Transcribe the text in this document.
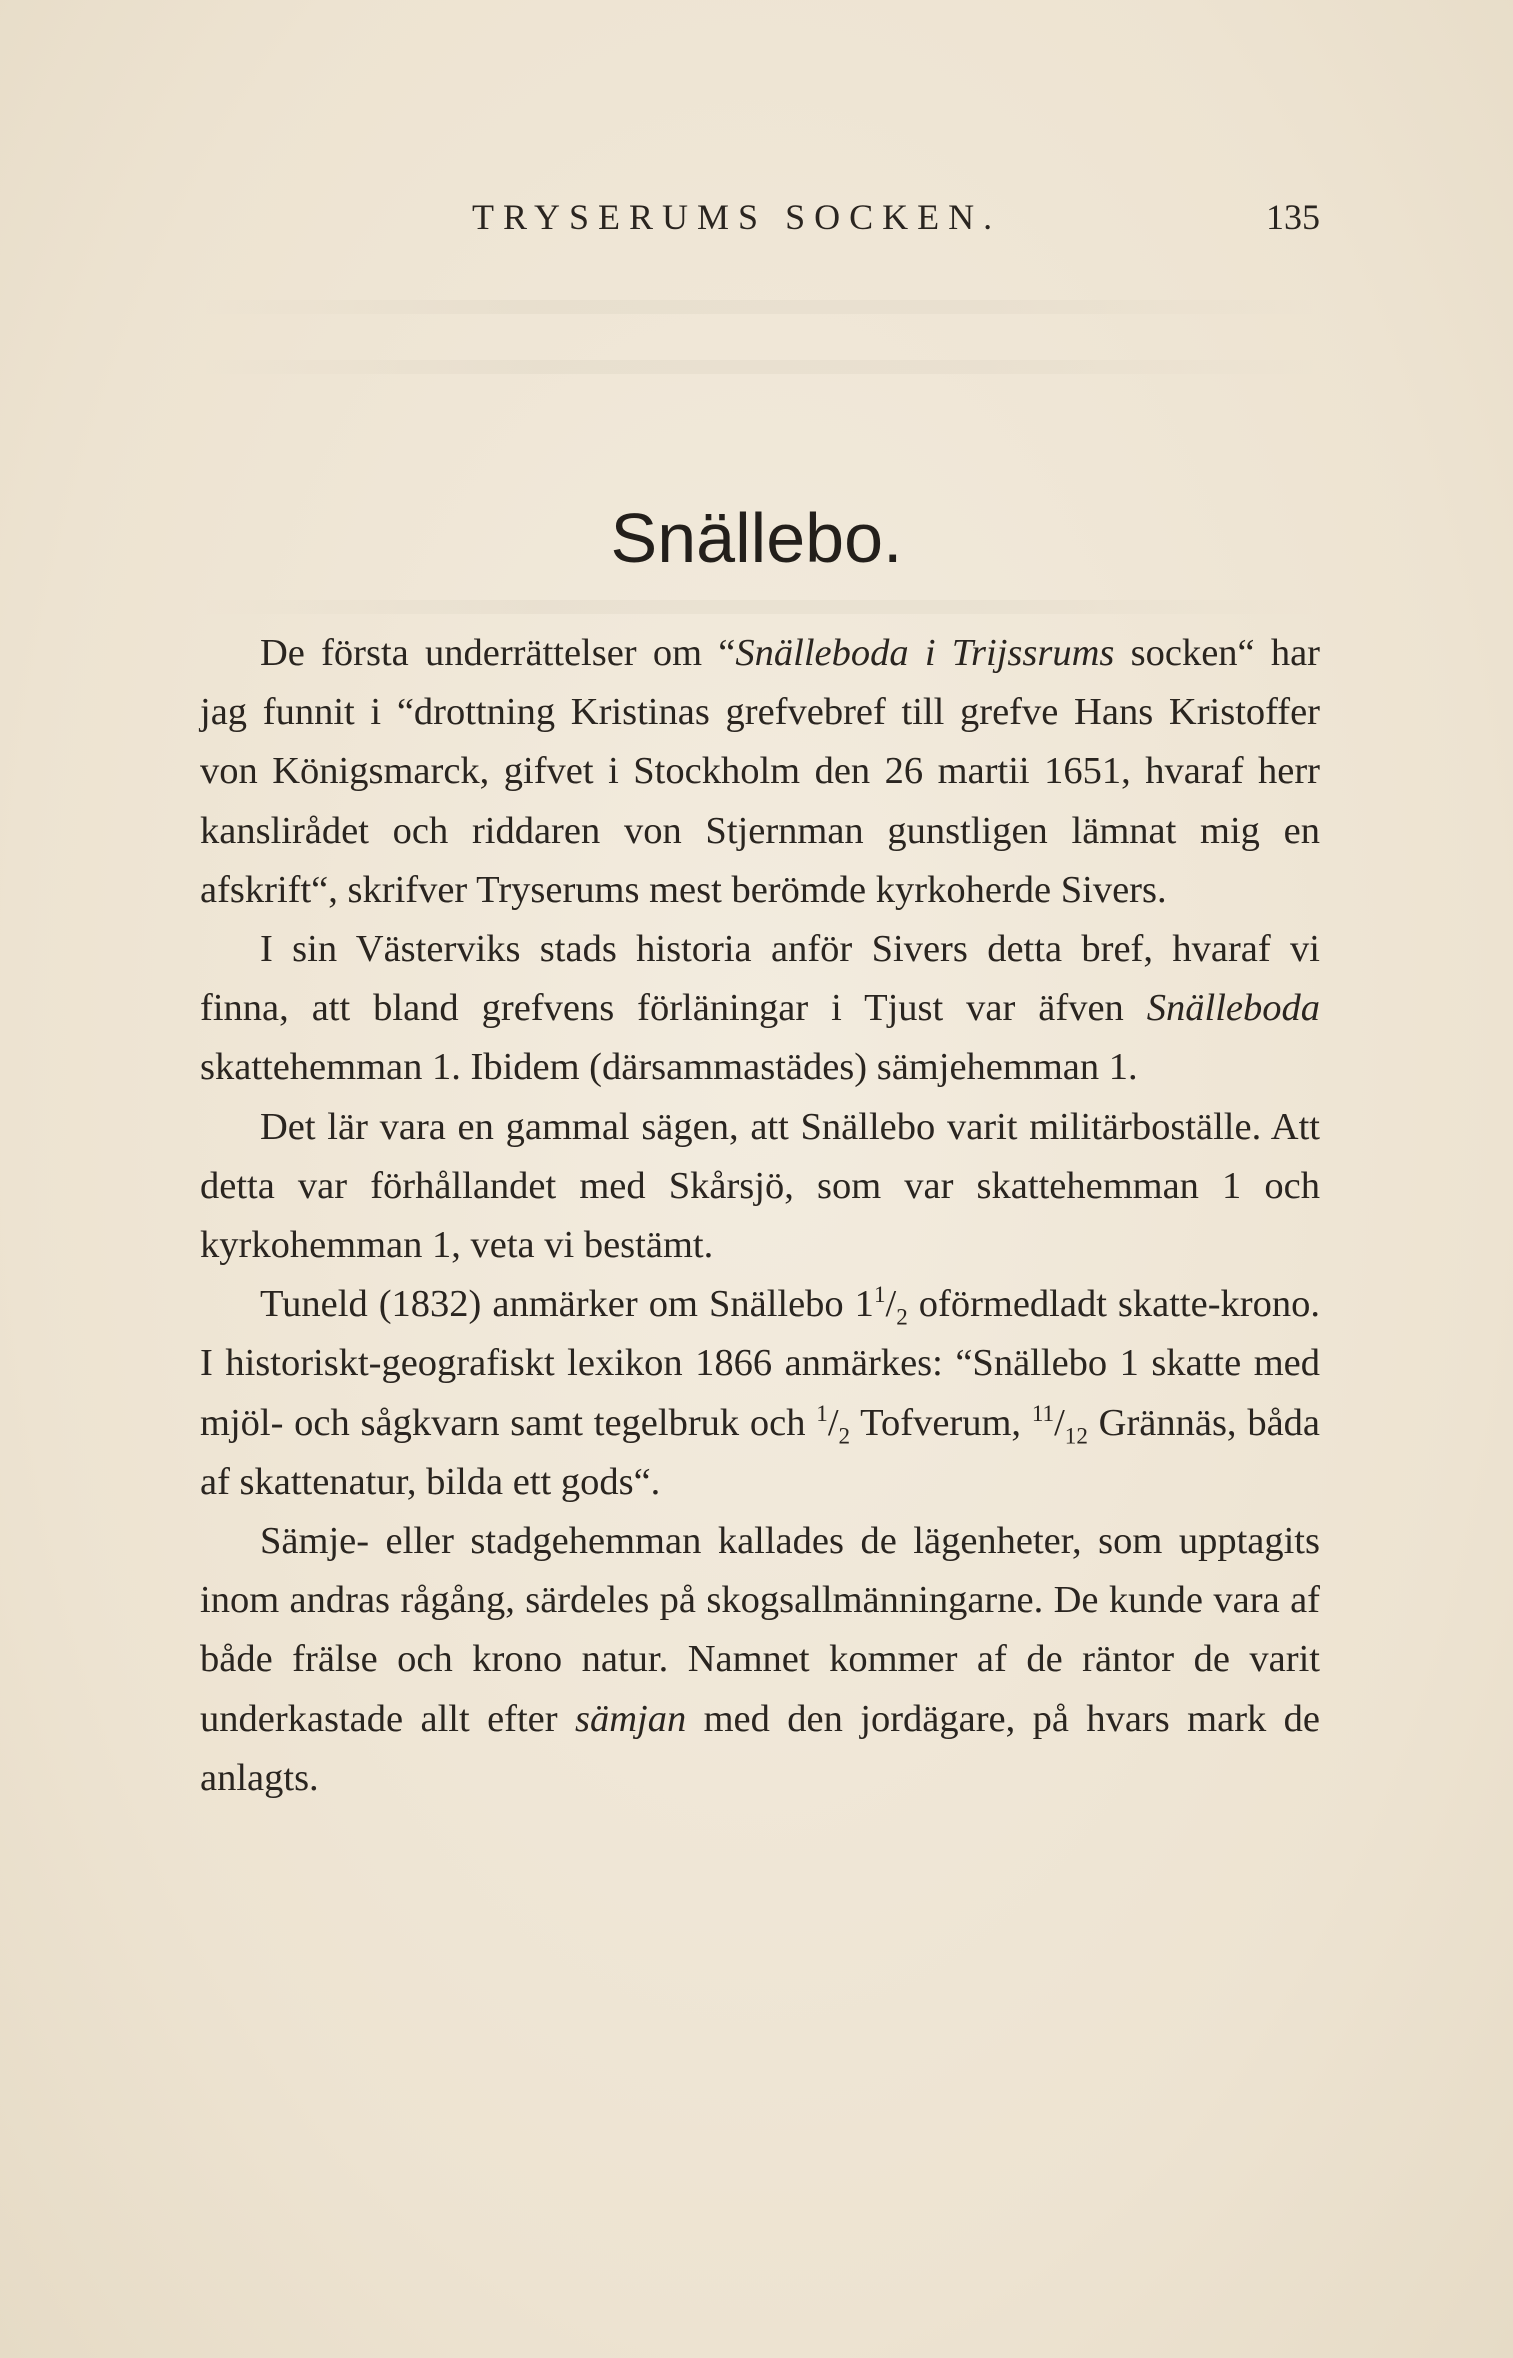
TRYSERUMS SOCKEN.	135
Snällebo.

De första underrättelser om “Snälleboda i Trijssrums socken“ har jag funnit i “drottning Kristinas grefvebref till grefve Hans Kristoffer von Königsmarck, gifvet i Stockholm den 26 martii 1651, hvaraf herr kanslirådet och riddaren von Stjernman gunstligen lämnat mig en afskrift“, skrifver Tryserums mest berömde kyrkoherde Sivers.

I sin Västerviks stads historia anför Sivers detta bref, hvaraf vi finna, att bland grefvens förläningar i Tjust var äfven Snälleboda skattehemman 1. Ibidem (därsammastädes) sämjehemman 1.

Det lär vara en gammal sägen, att Snällebo varit militärboställe. Att detta var förhållandet med Skårsjö, som var skattehemman 1 och kyrkohemman 1, veta vi bestämt.

Tuneld (1832) anmärker om Snällebo $1^1/_2$ oförmedladt skatte-krono. I historiskt-geografiskt lexikon 1866 anmärkes: “Snällebo 1 skatte med mjöl- och sågkvarn samt tegelbruk och $^1/_2$ Tofverum, $^{11}/_{12}$ Grännäs, båda af skattenatur, bilda ett gods“.

Sämje- eller stadgehemman kallades de lägenheter, som upptagits inom andras rågång, särdeles på skogsallmänningarne. De kunde vara af både frälse och krono natur. Namnet kommer af de räntor de varit underkastade allt efter sämjan med den jordägare, på hvars mark de anlagts.
